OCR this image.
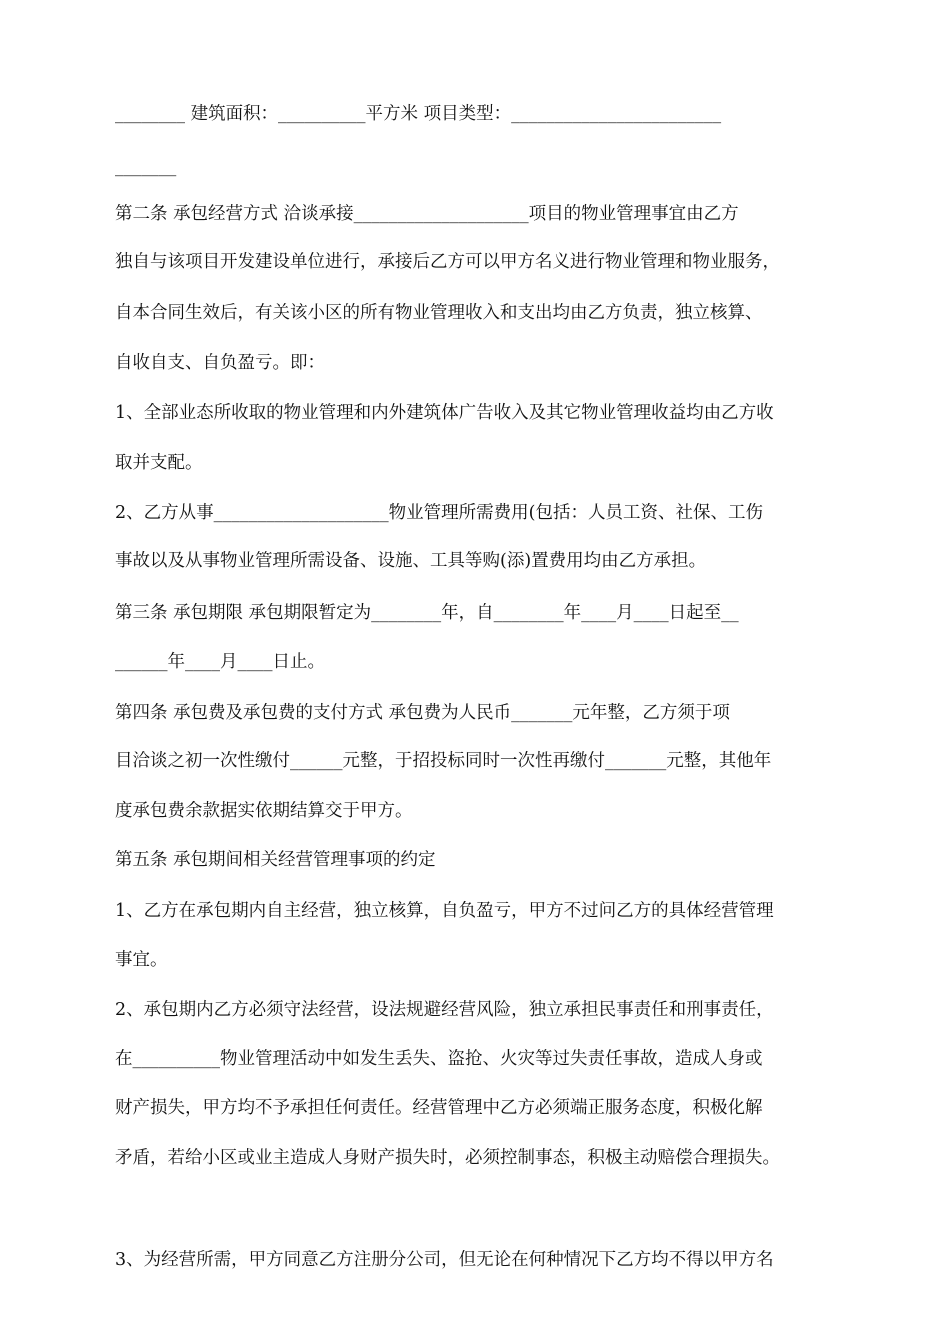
________ 建筑面积：__________平方米 项目类型：________________________
_______
第二条 承包经营方式 洽谈承接____________________项目的物业管理事宜由乙方
独自与该项目开发建设单位进行，承接后乙方可以甲方名义进行物业管理和物业服务，
自本合同生效后，有关该小区的所有物业管理收入和支出均由乙方负责，独立核算、
自收自支、自负盈亏。即：
1、全部业态所收取的物业管理和内外建筑体广告收入及其它物业管理收益均由乙方收
取并支配。
2、乙方从事____________________物业管理所需费用(包括：人员工资、社保、工伤
事故以及从事物业管理所需设备、设施、工具等购(添)置费用均由乙方承担。
第三条 承包期限 承包期限暂定为________年，自________年____月____日起至__
______年____月____日止。
第四条 承包费及承包费的支付方式 承包费为人民币_______元年整，乙方须于项
目洽谈之初一次性缴付______元整，于招投标同时一次性再缴付_______元整，其他年
度承包费余款据实依期结算交于甲方。
第五条 承包期间相关经营管理事项的约定
1、乙方在承包期内自主经营，独立核算，自负盈亏，甲方不过问乙方的具体经营管理
事宜。
2、承包期内乙方必须守法经营，设法规避经营风险，独立承担民事责任和刑事责任，
在__________物业管理活动中如发生丢失、盗抢、火灾等过失责任事故，造成人身或
财产损失，甲方均不予承担任何责任。经营管理中乙方必须端正服务态度，积极化解
矛盾，若给小区或业主造成人身财产损失时，必须控制事态，积极主动赔偿合理损失。
3、为经营所需，甲方同意乙方注册分公司，但无论在何种情况下乙方均不得以甲方名
